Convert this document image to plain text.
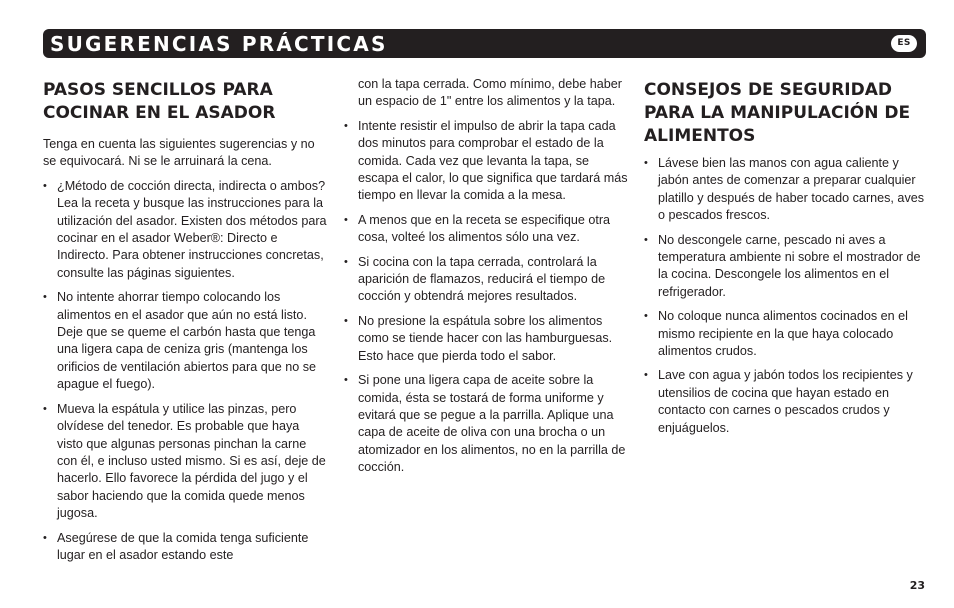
SUGERENCIAS PRÁCTICAS	ES
PASOS SENCILLOS PARA COCINAR EN EL ASADOR

Tenga en cuenta las siguientes sugerencias y no se equivocará. Ni se le arruinará la cena.

• ¿Método de cocción directa, indirecta o ambos? Lea la receta y busque las instrucciones para la utilización del asador. Existen dos métodos para cocinar en el asador Weber®: Directo e Indirecto. Para obtener instrucciones concretas, consulte las páginas siguientes.
• No intente ahorrar tiempo colocando los alimentos en el asador que aún no está listo. Deje que se queme el carbón hasta que tenga una ligera capa de ceniza gris (mantenga los orificios de ventilación abiertos para que no se apague el fuego).
• Mueva la espátula y utilice las pinzas, pero olvídese del tenedor. Es probable que haya visto que algunas personas pinchan la carne con él, e incluso usted mismo. Si es así, deje de hacerlo. Ello favorece la pérdida del jugo y el sabor haciendo que la comida quede menos jugosa.
• Asegúrese de que la comida tenga suficiente lugar en el asador estando este
con la tapa cerrada. Como mínimo, debe haber un espacio de 1" entre los alimentos y la tapa.
• Intente resistir el impulso de abrir la tapa cada dos minutos para comprobar el estado de la comida. Cada vez que levanta la tapa, se escapa el calor, lo que significa que tardará más tiempo en llevar la comida a la mesa.
• A menos que en la receta se especifique otra cosa, volteé los alimentos sólo una vez.
• Si cocina con la tapa cerrada, controlará la aparición de flamazos, reducirá el tiempo de cocción y obtendrá mejores resultados.
• No presione la espátula sobre los alimentos como se tiende hacer con las hamburguesas. Esto hace que pierda todo el sabor.
• Si pone una ligera capa de aceite sobre la comida, ésta se tostará de forma uniforme y evitará que se pegue a la parrilla. Aplique una capa de aceite de oliva con una brocha o un atomizador en los alimentos, no en la parrilla de cocción.
CONSEJOS DE SEGURIDAD PARA LA MANIPULACIÓN DE ALIMENTOS
• Lávese bien las manos con agua caliente y jabón antes de comenzar a preparar cualquier platillo y después de haber tocado carnes, aves o pescados frescos.
• No descongele carne, pescado ni aves a temperatura ambiente ni sobre el mostrador de la cocina. Descongele los alimentos en el refrigerador.
• No coloque nunca alimentos cocinados en el mismo recipiente en la que haya colocado alimentos crudos.
• Lave con agua y jabón todos los recipientes y utensilios de cocina que hayan estado en contacto con carnes o pescados crudos y enjuáguelos.
23
